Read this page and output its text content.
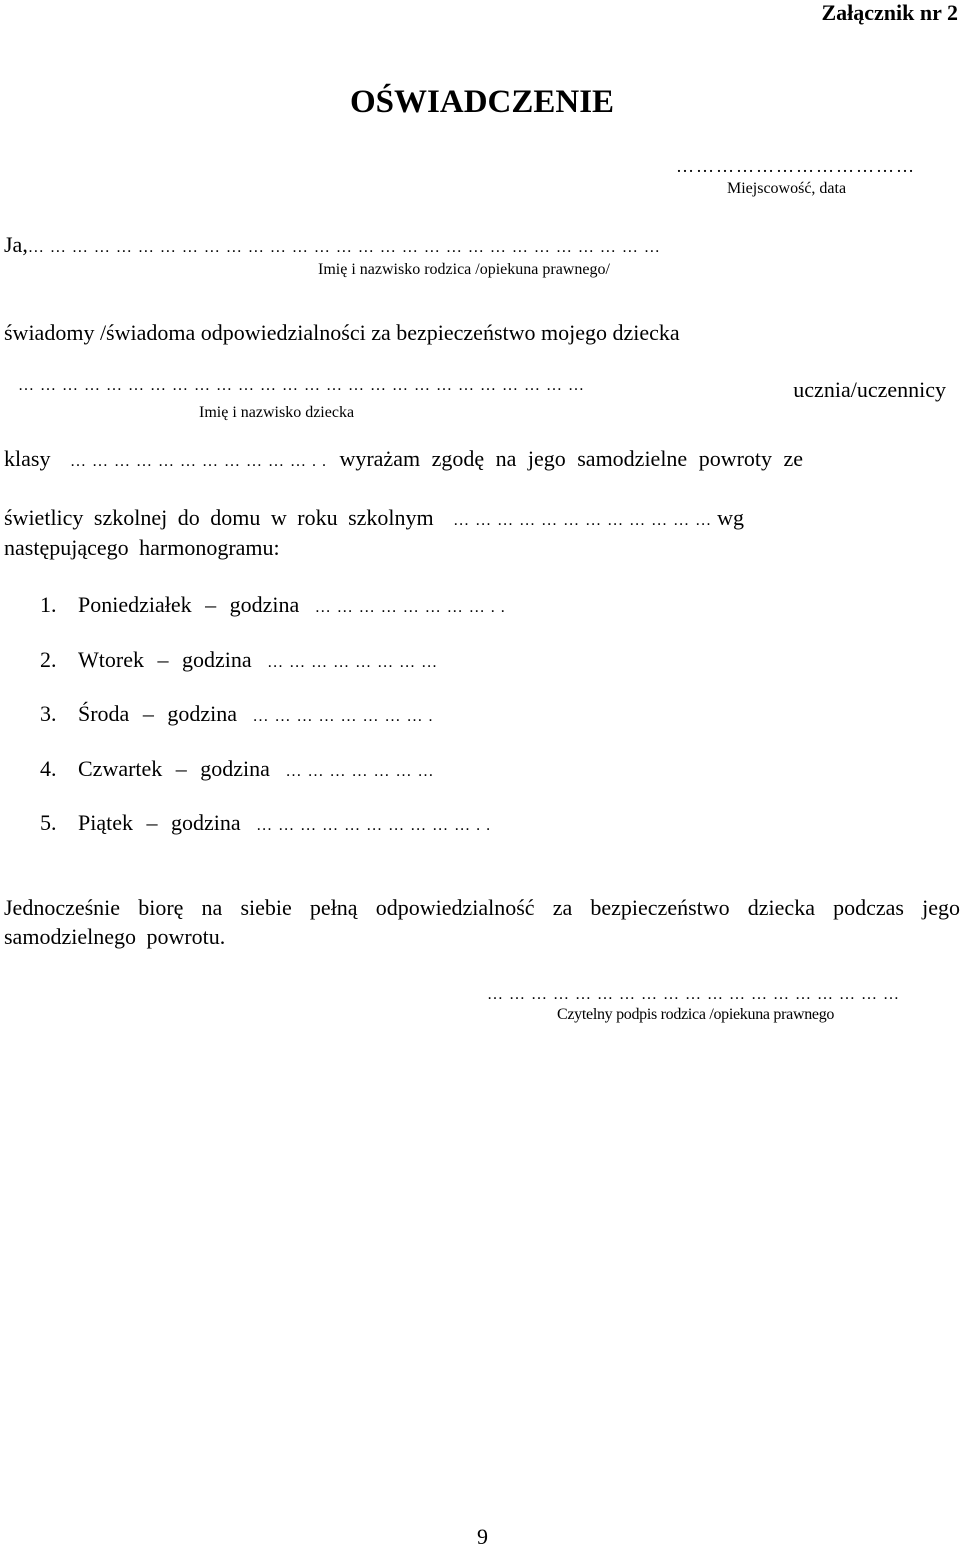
Załącznik nr 2
OŚWIADCZENIE
………………………………
Miejscowość, data
Ja,……………………………………………………………………………
Imię i nazwisko rodzica /opiekuna prawnego/
świadomy /świadoma odpowiedzialności za bezpieczeństwo mojego dziecka
……………………………………………………………………	ucznia/uczennicy
Imię i nazwisko dziecka
klasy …………………………….. wyrażam zgodę na jego samodzielne powroty ze
świetlicy szkolnej do domu w roku szkolnym ………………………………wg
następującego harmonogramu:
1. Poniedziałek – godzina ……………………..
2. Wtorek – godzina ……………………
3. Środa – godzina …………………….
4. Czwartek – godzina …………………
5. Piątek – godzina …………………………..
Jednocześnie biorę na siebie pełną odpowiedzialność za bezpieczeństwo dziecka podczas jego
samodzielnego powrotu.
…………………………………………………
Czytelny podpis rodzica /opiekuna prawnego
9
